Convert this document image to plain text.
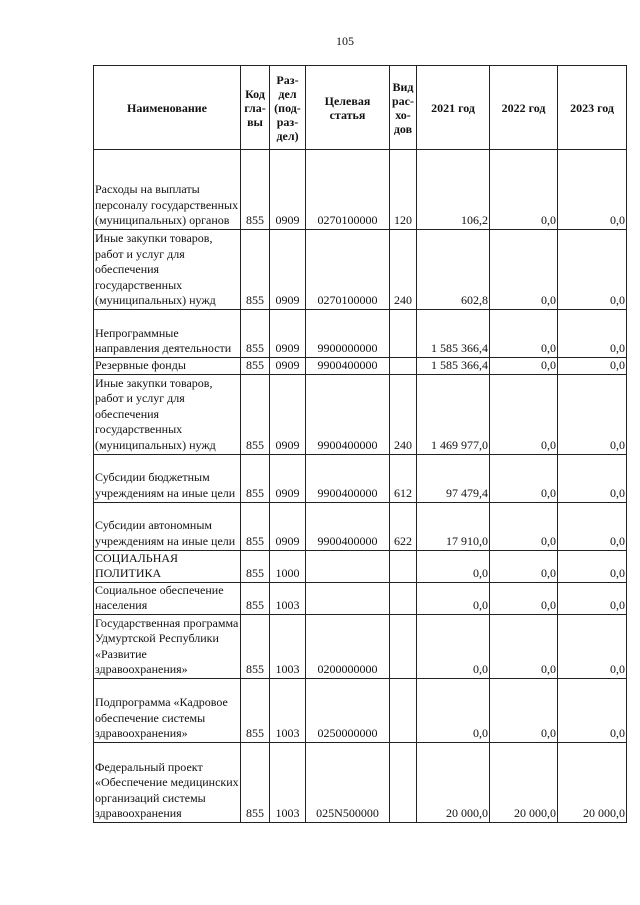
105
Наименование	Код гла- вы	Раз- дел (под- раз- дел)	Целевая статья	Вид рас- хо- дов	2021 год	2022 год	2023 год
Расходы на выплаты персоналу государственных (муниципальных) органов	855	0909	0270100000	120	106,2	0,0	0,0
Иные закупки товаров, работ и услуг для обеспечения государственных (муниципальных) нужд	855	0909	0270100000	240	602,8	0,0	0,0
Непрограммные направления деятельности	855	0909	9900000000		1 585 366,4	0,0	0,0
Резервные фонды	855	0909	9900400000		1 585 366,4	0,0	0,0
Иные закупки товаров, работ и услуг для обеспечения государственных (муниципальных) нужд	855	0909	9900400000	240	1 469 977,0	0,0	0,0
Субсидии бюджетным учреждениям на иные цели	855	0909	9900400000	612	97 479,4	0,0	0,0
Субсидии автономным учреждениям на иные цели	855	0909	9900400000	622	17 910,0	0,0	0,0
СОЦИАЛЬНАЯ ПОЛИТИКА	855	1000			0,0	0,0	0,0
Социальное обеспечение населения	855	1003			0,0	0,0	0,0
Государственная программа Удмуртской Республики «Развитие здравоохранения»	855	1003	0200000000		0,0	0,0	0,0
Подпрограмма «Кадровое обеспечение системы здравоохранения»	855	1003	0250000000		0,0	0,0	0,0
Федеральный проект «Обеспечение медицинских организаций системы здравоохранения	855	1003	025N500000		20 000,0	20 000,0	20 000,0
